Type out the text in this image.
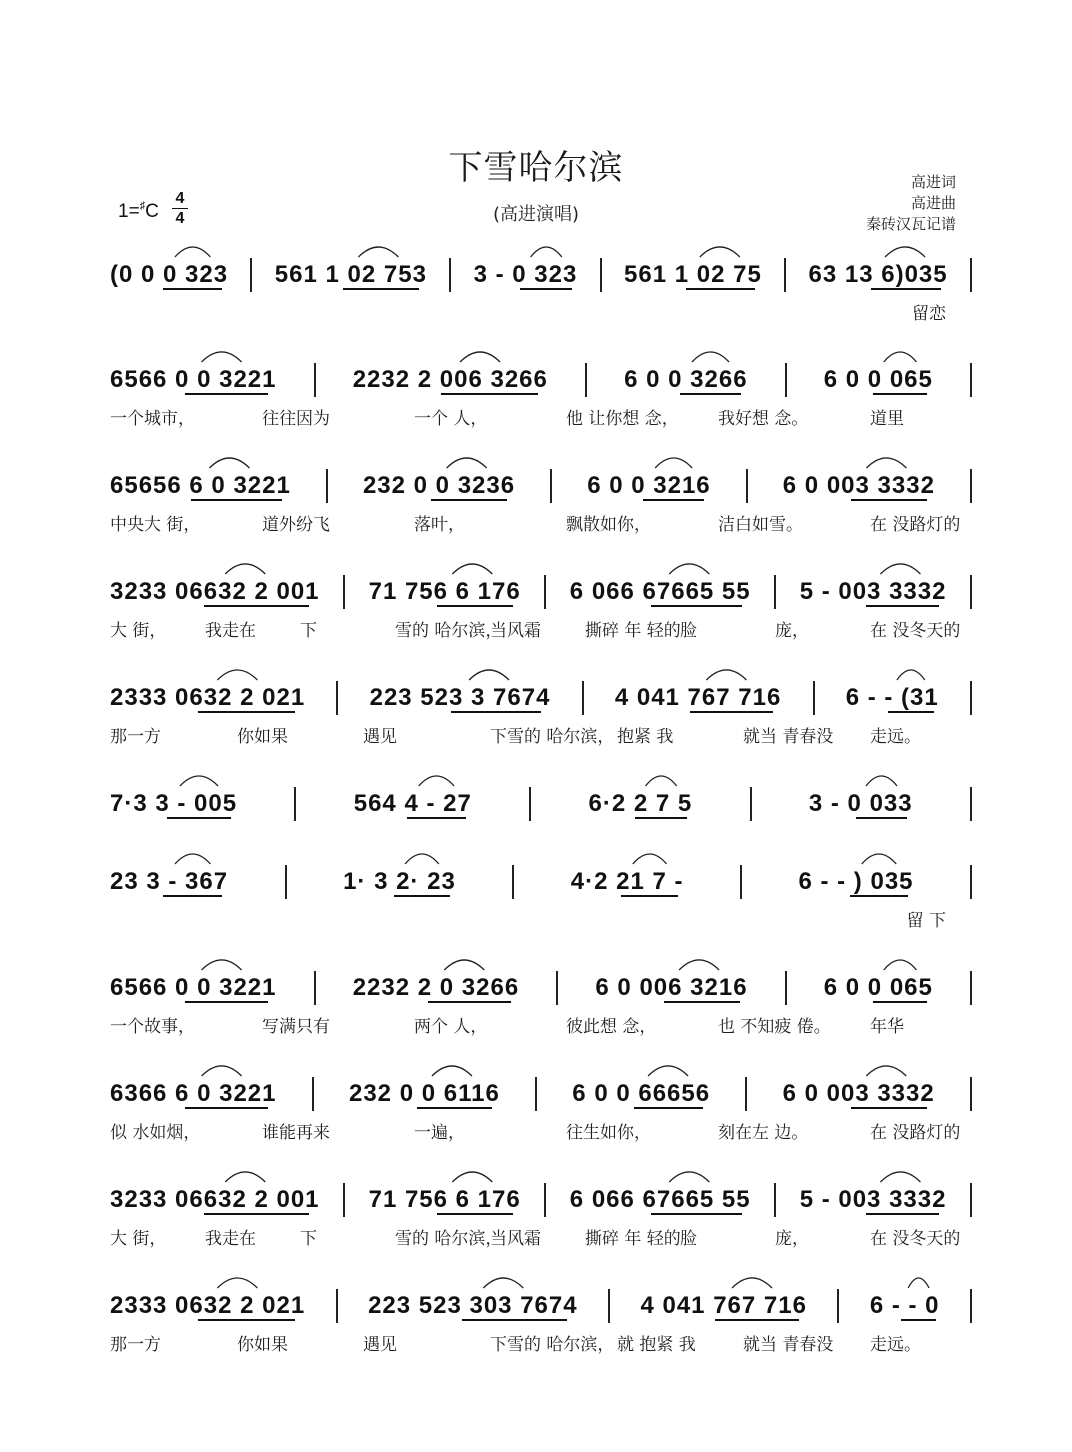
下雪哈尔滨
(高进演唱)
高进词
高进曲
秦砖汉瓦记谱
1=♯C
4
4
(0 0 0 323 561 1 02 753 3 - 0 323 561 1 02 75 63 13 6)035
留恋
6566 0 0 3221	2232 2 006 3266	6 0 0 3266	6 0 0 065
一个城市，	往往因为	一个 人，	他 让你想 念， 我好想 念。	道里
65656 6 0 3221	232 0 0 3236	6 0 0 3216	6 0 003 3332
中央大 街，	道外纷飞	落叶，	飘散如你，	洁白如雪。	在 没路灯的
3233 06632 2 001 71 756 6 176 6 066 67665 55 5 - 003 3332
大 街， 我走在	下	雪的 哈尔滨，
当风霜	撕碎 年 轻的 脸	庞，	在 没冬天的
2333 0632 2 021	223 523 3 7674	4 041 767 716	6 - - (31
那一方	你如果	遇见	下雪的 哈尔滨， 抱紧 我	就当 青春没 走远。
7·3 3 - 005	564 4 - 27	6·2 2 7 5	3 - 0 033
23 3 - 367	1· 3 2· 23	4·2 21 7 -	6 - - ) 035
留 下
6566 0 0 3221	2232 2 0 3266	6 0 006 3216	6 0 0 065
一个故事，	写满只有	两个 人，	彼此想 念，	也 不知疲 倦。 年华
6366 6 0 3221	232 0 0 6116	6 0 0 66656	6 0 003 3332
似 水如烟，	谁能再来	一遍，	往生如你，	刻在左 边。	在 没路灯的
3233 06632 2 001 71 756 6 176 6 066 67665 55 5 - 003 3332
大 街， 我走在	下	雪的 哈尔滨，
当风霜	撕碎 年 轻的 脸	庞，	在 没冬天的
2333 0632 2 021	223 523 303 7674	4 041 767 716	6 - - 0
那一方	你如果	遇见	下雪的 哈尔滨， 就 抱紧 我	就当 青春没 走远。
